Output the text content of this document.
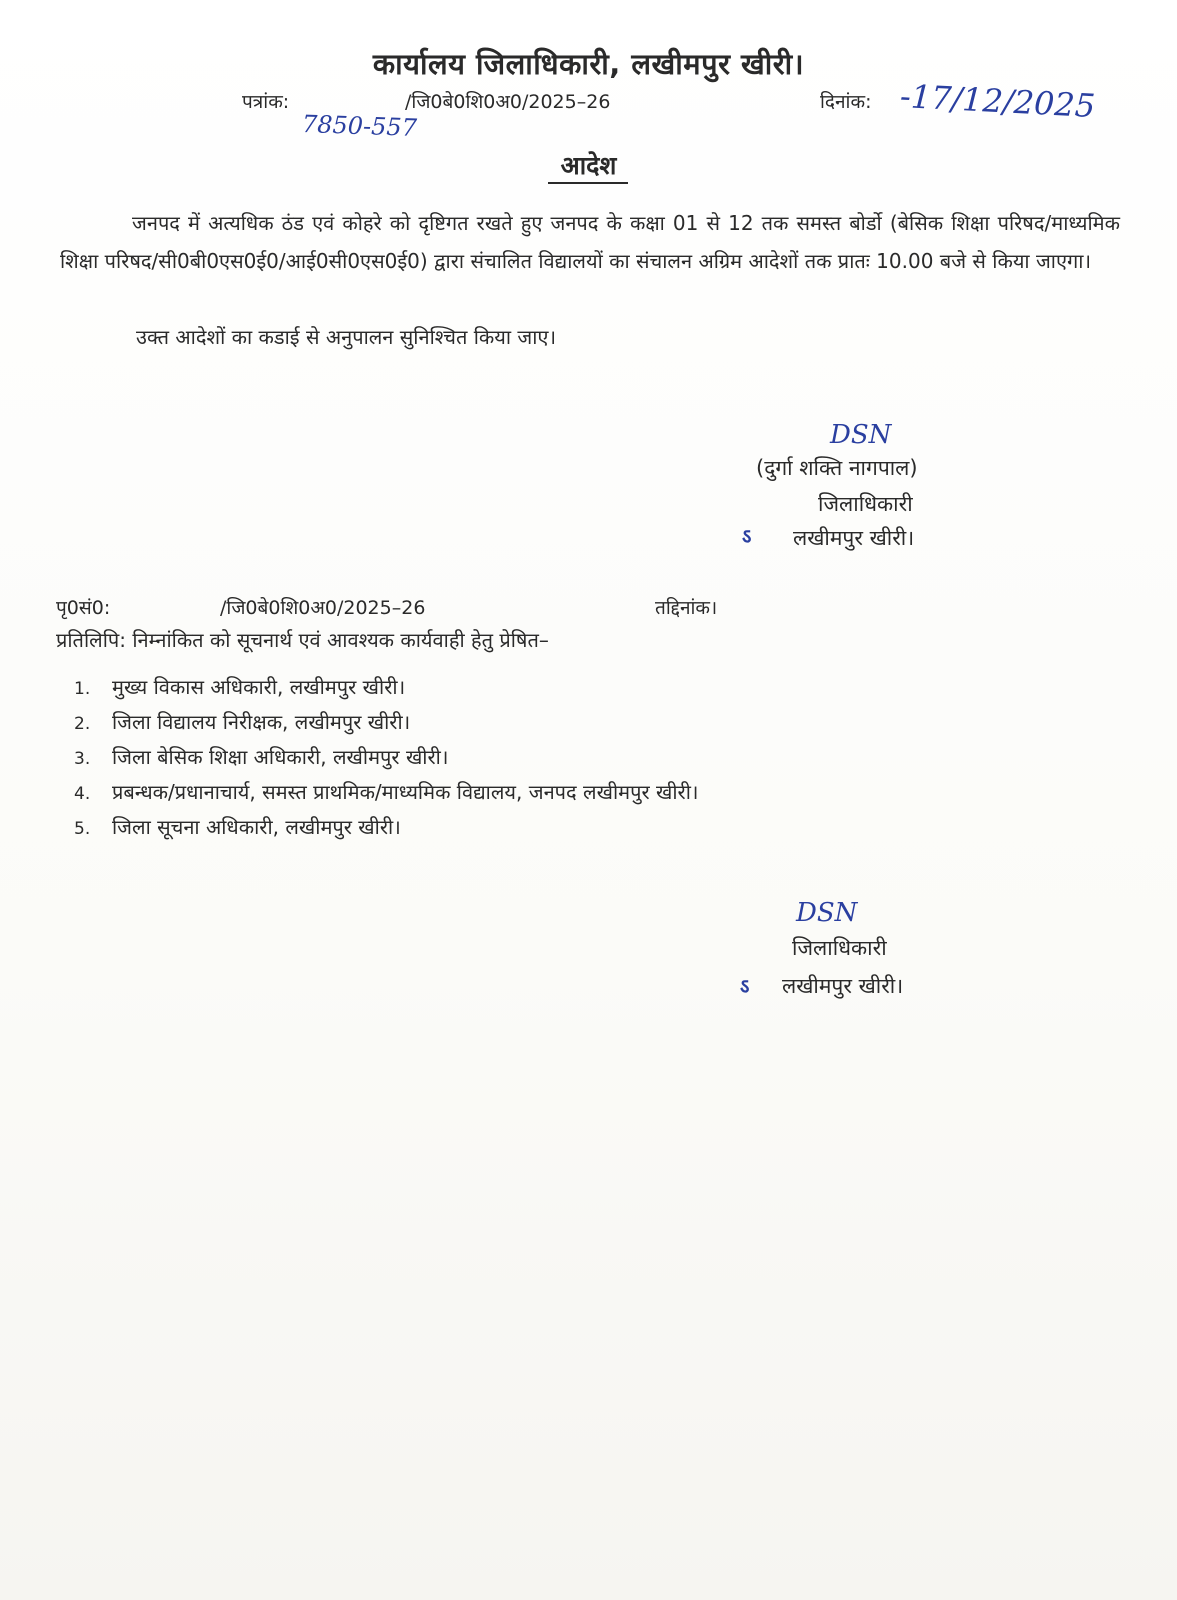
कार्यालय जिलाधिकारी, लखीमपुर खीरी।
पत्रांक:	/जि0बे0शि0अ0/2025–26
7850-557
दिनांक: -17/12/2025
आदेश
जनपद में अत्यधिक ठंड एवं कोहरे को दृष्टिगत रखते हुए जनपद के कक्षा 01 से 12 तक समस्त बोर्डो (बेसिक शिक्षा परिषद/माध्यमिक शिक्षा परिषद/सी0बी0एस0ई0/आई0सी0एस0ई0) द्वारा संचालित विद्यालयों का संचालन अग्रिम आदेशों तक प्रातः 10.00 बजे से किया जाएगा।
उक्त आदेशों का कडाई से अनुपालन सुनिश्चित किया जाए।
DSN
(दुर्गा शक्ति नागपाल)
जिलाधिकारी
ऽ लखीमपुर खीरी।
पृ0सं0:	/जि0बे0शि0अ0/2025–26	तद्दिनांक।
प्रतिलिपि: निम्नांकित को सूचनार्थ एवं आवश्यक कार्यवाही हेतु प्रेषित–
1. मुख्य विकास अधिकारी, लखीमपुर खीरी।
2. जिला विद्यालय निरीक्षक, लखीमपुर खीरी।
3. जिला बेसिक शिक्षा अधिकारी, लखीमपुर खीरी।
4. प्रबन्धक/प्रधानाचार्य, समस्त प्राथमिक/माध्यमिक विद्यालय, जनपद लखीमपुर खीरी।
5. जिला सूचना अधिकारी, लखीमपुर खीरी।
DSN
जिलाधिकारी
ऽ लखीमपुर खीरी।
